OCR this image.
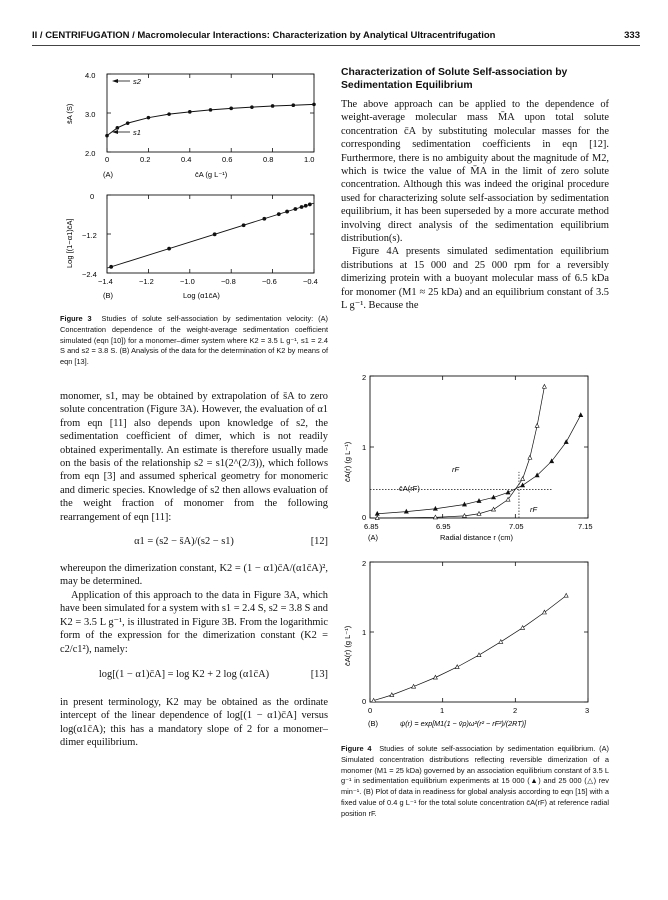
II / CENTRIFUGATION / Macromolecular Interactions: Characterization by Analytical Ultracentrifugation	333
4.0
3.0
2.0
0	0.2	0.4	0.6	0.8	1.0
(A)	c̄A (g L⁻¹)
s̄A (S)
s2
s1
0
−1.2
−2.4
−1.4	−1.2	−1.0	−0.8	−0.6	−0.4
(B)	Log (α1c̄A)
Log [(1−α1)c̄A]

Figure 3 Studies of solute self-association by sedimentation velocity: (A) Concentration dependence of the weight-average sedimentation coefficient simulated (eqn [10]) for a monomer–dimer system where K2 = 3.5 L g⁻¹, s1 = 2.4 S and s2 = 3.8 S. (B) Analysis of the data for the determination of K2 by means of eqn [13].

monomer, s1, may be obtained by extrapolation of s̄A to zero solute concentration (Figure 3A). However, the evaluation of α1 from eqn [11] also depends upon knowledge of s2, the sedimentation coefficient of dimer, which is not readily obtained experimentally. An estimate is therefore usually made on the basis of the relationship s2 = s1(2^(2/3)), which follows from eqn [3] and assumed spherical geometry for monomeric and dimeric species. Knowledge of s2 then allows evaluation of the weight fraction of monomer from the following rearrangement of eqn [11]:

α1 = (s2 − s̄A)/(s2 − s1)	[12]

whereupon the dimerization constant, K2 = (1 − α1)c̄A/(α1c̄A)², may be determined.

Application of this approach to the data in Figure 3A, which have been simulated for a system with s1 = 2.4 S, s2 = 3.8 S and K2 = 3.5 L g⁻¹, is illustrated in Figure 3B. From the logarithmic form of the expression for the dimerization constant (K2 = c2/c1²), namely:

log[(1 − α1)c̄A] = log K2 + 2 log (α1c̄A)	[13]

in present terminology, K2 may be obtained as the ordinate intercept of the linear dependence of log[(1 − α1)c̄A] versus log(α1c̄A); this has a mandatory slope of 2 for a monomer–dimer equilibrium.

Characterization of Solute Self-association by Sedimentation Equilibrium

The above approach can be applied to the dependence of weight-average molecular mass M̄A upon total solute concentration c̄A by substituting molecular masses for the corresponding sedimentation coefficients in eqn [12]. Furthermore, there is no ambiguity about the magnitude of M2, which is twice the value of M̄A in the limit of zero solute concentration. Although this was indeed the original procedure used for characterizing solute self-association by sedimentation equilibrium, it has been superseded by a more accurate method involving direct analysis of the sedimentation equilibrium distribution(s).

Figure 4A presents simulated sedimentation equilibrium distributions at 15 000 and 25 000 rpm for a reversibly dimerizing protein with a buoyant molecular mass of 6.5 kDa for monomer (M1 ≈ 25 kDa) and an equilibrium constant of 3.5 L g⁻¹. Because the

2
1
0
6.85	6.95	7.05	7.15
(A)	Radial distance r (cm)
c̄A(r) (g L⁻¹)
c̄A(rF)
rF
rF
2
1
0
0	1	2	3
(B)	ψ(r) = exp[M1(1 − v̄ρ)ω²(r² − rF²)/(2RT)]
c̄A(r) (g L⁻¹)

Figure 4 Studies of solute self-association by sedimentation equilibrium. (A) Simulated concentration distributions reflecting reversible dimerization of a monomer (M1 = 25 kDa) governed by an association equilibrium constant of 3.5 L g⁻¹ in sedimentation equilibrium experiments at 15 000 (▲) and 25 000 (△) rev min⁻¹. (B) Plot of data in readiness for global analysis according to eqn [15] with a fixed value of 0.4 g L⁻¹ for the total solute concentration c̄A(rF) at reference radial position rF.
